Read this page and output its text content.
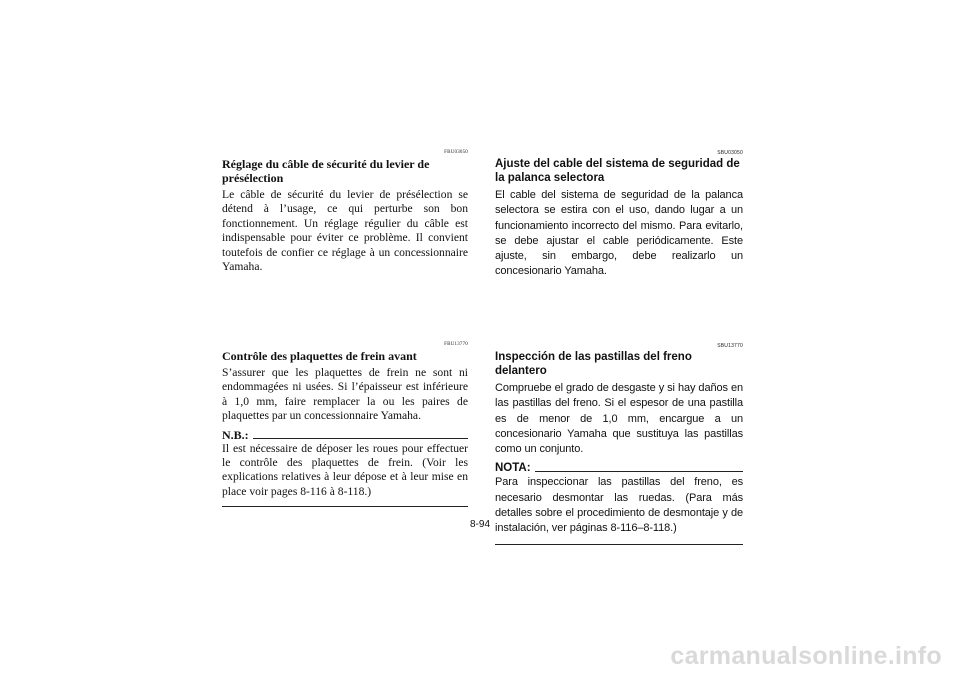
FBU03050
Réglage du câble de sécurité du levier de présélection

Le câble de sécurité du levier de présélection se détend à l’usage, ce qui perturbe son bon fonctionnement. Un réglage régulier du câble est indispensable pour éviter ce problème. Il convient toutefois de confier ce réglage à un concessionnaire Yamaha.

FBU13770
Contrôle des plaquettes de frein avant

S’assurer que les plaquettes de frein ne sont ni endommagées ni usées. Si l’épaisseur est inférieure à 1,0 mm, faire remplacer la ou les paires de plaquettes par un concessionnaire Yamaha.

N.B.:

Il est nécessaire de déposer les roues pour effectuer le contrôle des plaquettes de frein. (Voir les explications relatives à leur dépose et à leur mise en place voir pages 8-116 à 8-118.)

SBU03050
Ajuste del cable del sistema de seguridad de la palanca selectora

El cable del sistema de seguridad de la palanca selectora se estira con el uso, dando lugar a un funcionamiento incorrecto del mismo. Para evitarlo, se debe ajustar el cable periódicamente. Este ajuste, sin embargo, debe realizarlo un concesionario Yamaha.

SBU13770
Inspección de las pastillas del freno delantero

Compruebe el grado de desgaste y si hay daños en las pastillas del freno. Si el espesor de una pastilla es de menor de 1,0 mm, encargue a un concesionario Yamaha que sustituya las pastillas como un conjunto.

NOTA:

Para inspeccionar las pastillas del freno, es necesario desmontar las ruedas. (Para más detalles sobre el procedimiento de desmontaje y de instalación, ver páginas 8-116–8-118.)

8-94
carmanualsonline.info
